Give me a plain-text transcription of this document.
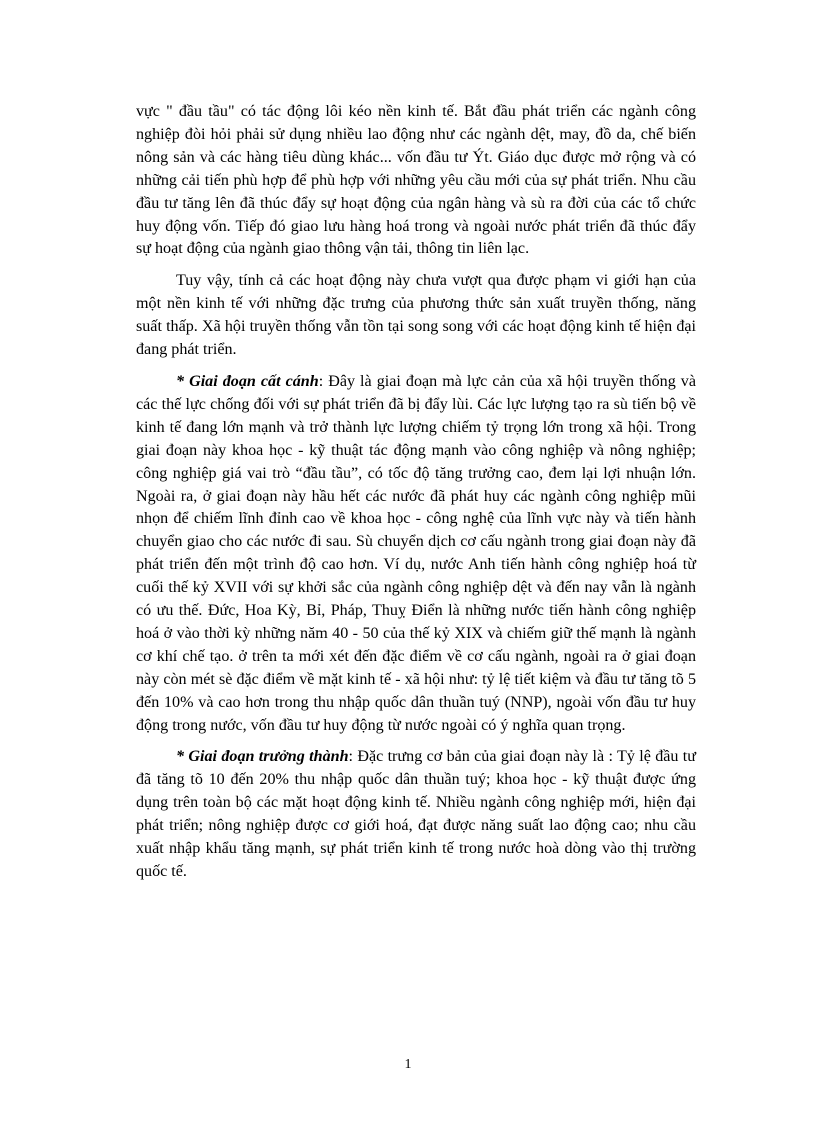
vực " đầu tầu" có tác động lôi kéo nền kinh tế. Bắt đầu phát triển các ngành công nghiệp đòi hỏi phải sử dụng nhiều lao động như các ngành dệt, may, đồ da, chế biến nông sản và các hàng tiêu dùng khác... vốn đầu tư Ýt. Giáo dục được mở rộng và có những cải tiến phù hợp để phù hợp với những yêu cầu mới của sự phát triển. Nhu cầu đầu tư tăng lên đã thúc đẩy sự hoạt động của ngân hàng và sù ra đời của các tổ chức huy động vốn. Tiếp đó giao lưu hàng hoá trong và ngoài nước phát triển đã thúc đẩy sự hoạt động của ngành giao thông vận tải, thông tin liên lạc.

Tuy vậy, tính cả các hoạt động này chưa vượt qua được phạm vi giới hạn của một nền kinh tế với những đặc trưng của phương thức sản xuất truyền thống, năng suất thấp. Xã hội truyền thống vẫn tồn tại song song với các hoạt động kinh tế hiện đại đang phát triển.

* Giai đoạn cất cánh: Đây là giai đoạn mà lực cản của xã hội truyền thống và các thế lực chống đối với sự phát triển đã bị đẩy lùi. Các lực lượng tạo ra sù tiến bộ về kinh tế đang lớn mạnh và trở thành lực lượng chiếm tỷ trọng lớn trong xã hội. Trong giai đoạn này khoa học - kỹ thuật tác động mạnh vào công nghiệp và nông nghiệp; công nghiệp giá vai trò “đầu tầu”, có tốc độ tăng trưởng cao, đem lại lợi nhuận lớn. Ngoài ra, ở giai đoạn này hầu hết các nước đã phát huy các ngành công nghiệp mũi nhọn để chiếm lĩnh đỉnh cao về khoa học - công nghệ của lĩnh vực này và tiến hành chuyển giao cho các nước đi sau. Sù chuyển dịch cơ cấu ngành trong giai đoạn này đã phát triển đến một trình độ cao hơn. Ví dụ, nước Anh tiến hành công nghiệp hoá từ cuối thế kỷ XVII với sự khởi sắc của ngành công nghiệp dệt và đến nay vẫn là ngành có ưu thế. Đức, Hoa Kỳ, Bỉ, Pháp, Thuỵ Điển là những nước tiến hành công nghiệp hoá ở vào thời kỳ những năm 40 - 50 của thế kỷ XIX và chiếm giữ thế mạnh là ngành cơ khí chế tạo. ở trên ta mới xét đến đặc điểm về cơ cấu ngành, ngoài ra ở giai đoạn này còn mét sè đặc điểm về mặt kinh tế - xã hội như: tỷ lệ tiết kiệm và đầu tư tăng tõ 5 đến 10% và cao hơn trong thu nhập quốc dân thuần tuý (NNP), ngoài vốn đầu tư huy động trong nước, vốn đầu tư huy động từ nước ngoài có ý nghĩa quan trọng.

* Giai đoạn trưởng thành: Đặc trưng cơ bản của giai đoạn này là : Tỷ lệ đầu tư đã tăng tõ 10 đến 20% thu nhập quốc dân thuần tuý; khoa học - kỹ thuật được ứng dụng trên toàn bộ các mặt hoạt động kinh tế. Nhiều ngành công nghiệp mới, hiện đại phát triển; nông nghiệp được cơ giới hoá, đạt được năng suất lao động cao; nhu cầu xuất nhập khẩu tăng mạnh, sự phát triển kinh tế trong nước hoà dòng vào thị trường quốc tế.

1
